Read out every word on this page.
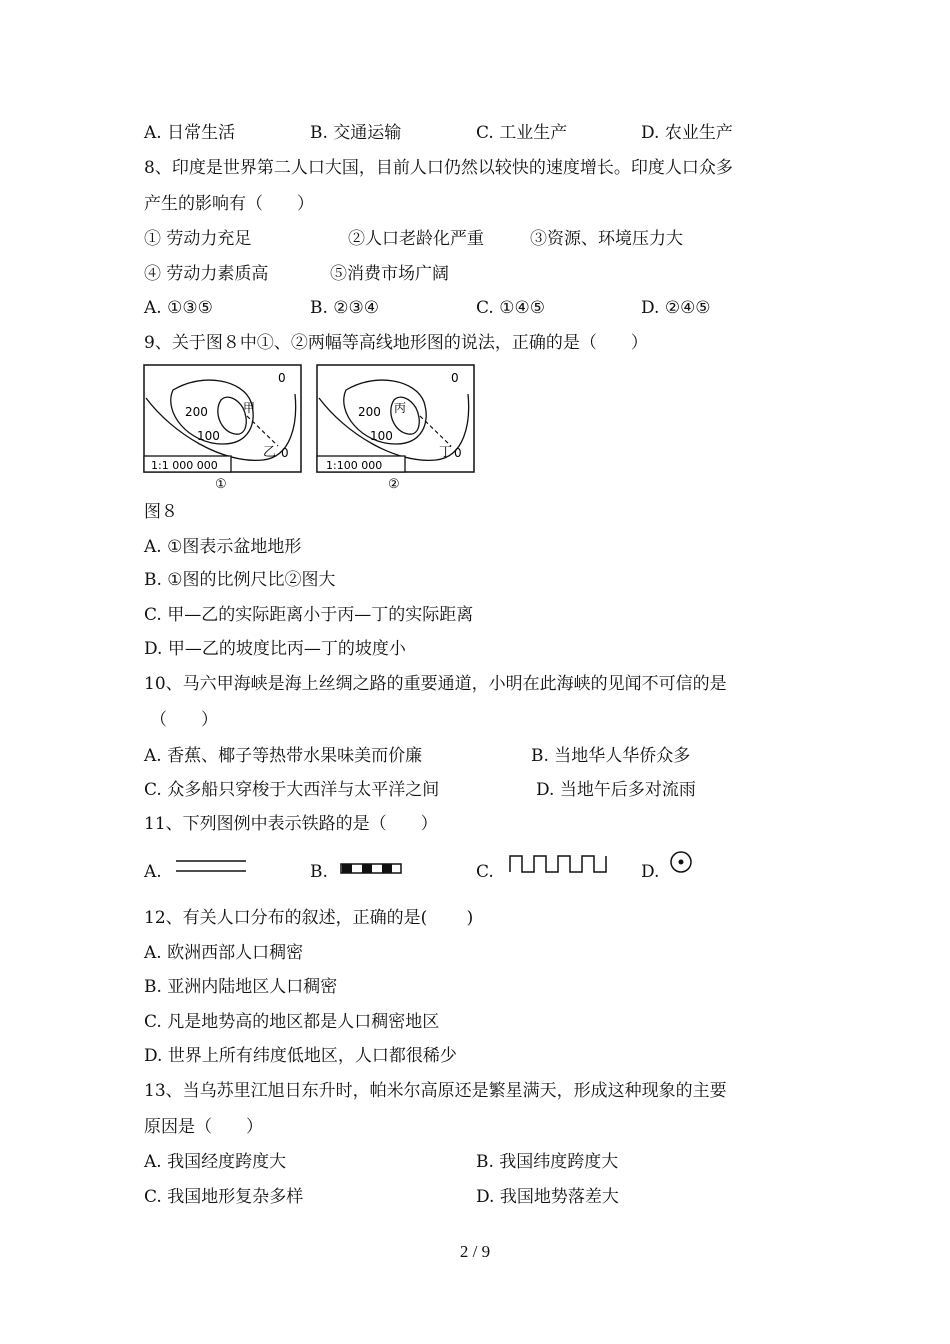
A. 日常生活	B. 交通运输	C. 工业生产	D. 农业生产
8、印度是世界第二人口大国，目前人口仍然以较快的速度增长。印度人口众多
产生的影响有（　　）
① 劳动力充足	②人口老龄化严重	③资源、环境压力大
④ 劳动力素质高	⑤消费市场广阔
A. ①③⑤	B. ②③④	C. ①④⑤	D. ②④⑤
9、关于图８中①、②两幅等高线地形图的说法，正确的是（　　）
200
100
0
0
甲
乙
1:1 000 000
①
200
100
0
0
丙
丁
1:100 000
②
图８
A. ①图表示盆地地形
B. ①图的比例尺比②图大
C. 甲—乙的实际距离小于丙—丁的实际距离
D. 甲—乙的坡度比丙—丁的坡度小
10、马六甲海峡是海上丝绸之路的重要通道，小明在此海峡的见闻不可信的是
（　　）
A. 香蕉、椰子等热带水果味美而价廉	B. 当地华人华侨众多
C. 众多船只穿梭于大西洋与太平洋之间	D. 当地午后多对流雨
11、下列图例中表示铁路的是（　　）
A.	B.	C.	D.
12、有关人口分布的叙述，正确的是(　　 )
A. 欧洲西部人口稠密
B. 亚洲内陆地区人口稠密
C. 凡是地势高的地区都是人口稠密地区
D. 世界上所有纬度低地区，人口都很稀少
13、当乌苏里江旭日东升时，帕米尔高原还是繁星满天，形成这种现象的主要
原因是（　　）
A. 我国经度跨度大	B. 我国纬度跨度大
C. 我国地形复杂多样	D. 我国地势落差大
2 / 9
